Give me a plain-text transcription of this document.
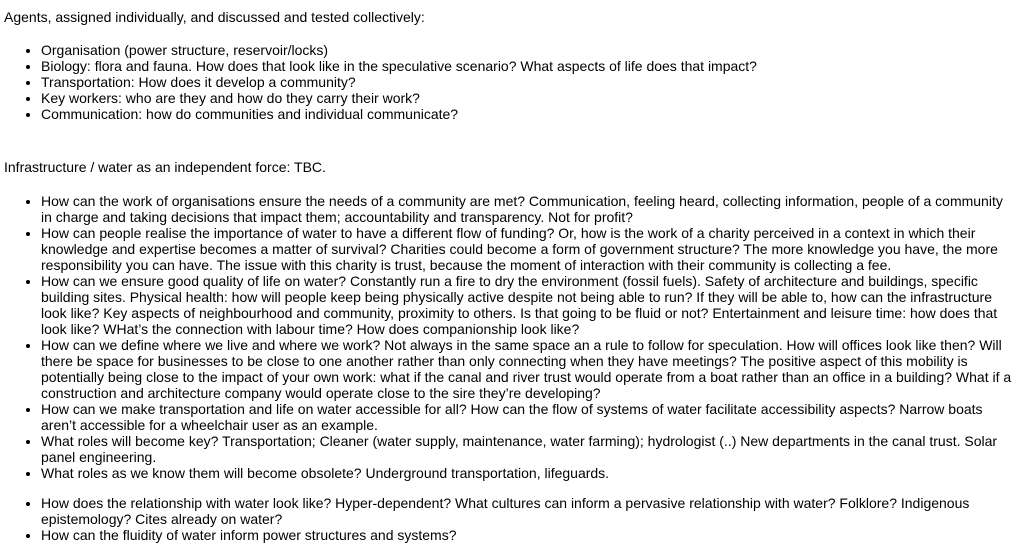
Agents, assigned individually, and discussed and tested collectively:

• Organisation (power structure, reservoir/locks)
• Biology: flora and fauna. How does that look like in the speculative scenario? What aspects of life does that impact?
• Transportation: How does it develop a community?
• Key workers: who are they and how do they carry their work?
• Communication: how do communities and individual communicate?

Infrastructure / water as an independent force: TBC.

• How can the work of organisations ensure the needs of a community are met? Communication, feeling heard, collecting information, people of a community in charge and taking decisions that impact them; accountability and transparency. Not for profit?
• How can people realise the importance of water to have a different flow of funding? Or, how is the work of a charity perceived in a context in which their knowledge and expertise becomes a matter of survival? Charities could become a form of government structure? The more knowledge you have, the more responsibility you can have. The issue with this charity is trust, because the moment of interaction with their community is collecting a fee.
• How can we ensure good quality of life on water? Constantly run a fire to dry the environment (fossil fuels). Safety of architecture and buildings, specific building sites. Physical health: how will people keep being physically active despite not being able to run? If they will be able to, how can the infrastructure look like? Key aspects of neighbourhood and community, proximity to others. Is that going to be fluid or not? Entertainment and leisure time: how does that look like? WHat’s the connection with labour time? How does companionship look like?
• How can we define where we live and where we work? Not always in the same space an a rule to follow for speculation. How will offices look like then? Will there be space for businesses to be close to one another rather than only connecting when they have meetings? The positive aspect of this mobility is potentially being close to the impact of your own work: what if the canal and river trust would operate from a boat rather than an office in a building? What if a construction and architecture company would operate close to the sire they’re developing?
• How can we make transportation and life on water accessible for all? How can the flow of systems of water facilitate accessibility aspects? Narrow boats aren’t accessible for a wheelchair user as an example.
• What roles will become key? Transportation; Cleaner (water supply, maintenance, water farming); hydrologist (..) New departments in the canal trust. Solar panel engineering.
• What roles as we know them will become obsolete? Underground transportation, lifeguards.
• How does the relationship with water look like? Hyper-dependent? What cultures can inform a pervasive relationship with water? Folklore? Indigenous epistemology? Cites already on water?
• How can the fluidity of water inform power structures and systems?
